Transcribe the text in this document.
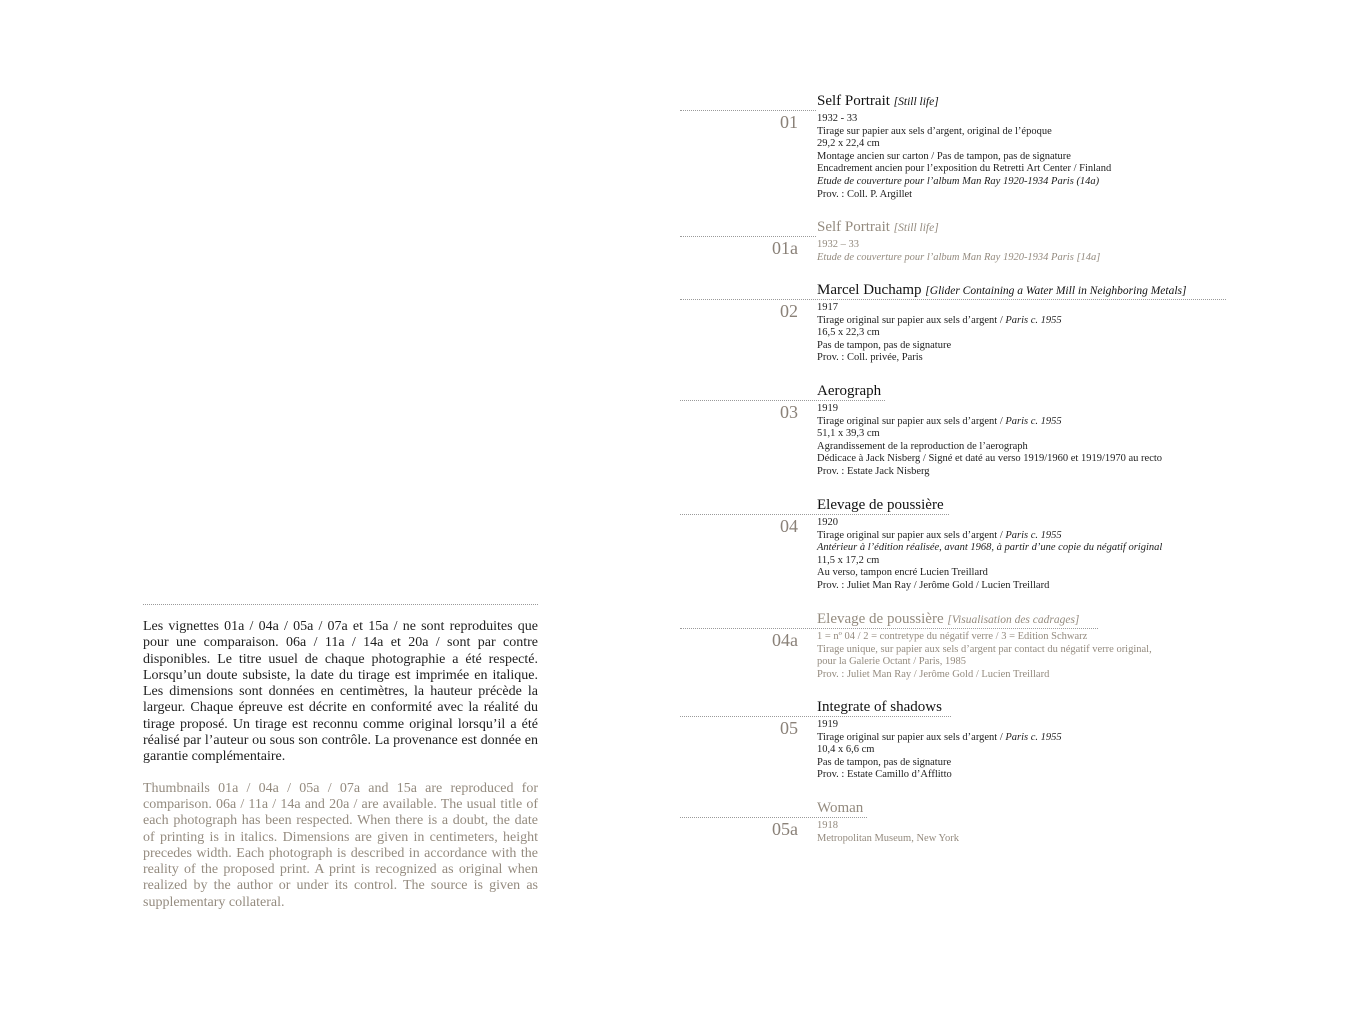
Les vignettes 01a / 04a / 05a / 07a et 15a / ne sont reproduites que pour une comparaison. 06a / 11a / 14a et 20a / sont par contre disponibles. Le titre usuel de chaque photographie a été respecté. Lorsqu’un doute subsiste, la date du tirage est imprimée en italique. Les dimensions sont données en centimètres, la hauteur précède la largeur. Chaque épreuve est décrite en conformité avec la réalité du tirage proposé. Un tirage est reconnu comme original lorsqu’il a été réalisé par l’auteur ou sous son contrôle. La provenance est donnée en garantie complémentaire.

Thumbnails 01a / 04a / 05a / 07a and 15a are reproduced for comparison. 06a / 11a / 14a and 20a / are available. The usual title of each photograph has been respected. When there is a doubt, the date of printing is in italics. Dimensions are given in centimeters, height precedes width. Each photograph is described in accordance with the reality of the proposed print. A print is recognized as original when realized by the author or under its control. The source is given as supplementary collateral.

01
Self Portrait [Still life]
1932 - 33
Tirage sur papier aux sels d’argent, original de l’époque
29,2 x 22,4 cm
Montage ancien sur carton / Pas de tampon, pas de signature
Encadrement ancien pour l’exposition du Retretti Art Center / Finland
Etude de couverture pour l’album Man Ray 1920-1934 Paris (14a)
Prov. : Coll. P. Argillet
01a
Self Portrait [Still life]
1932 – 33
Etude de couverture pour l’album Man Ray 1920-1934 Paris [14a]
02
Marcel Duchamp [Glider Containing a Water Mill in Neighboring Metals]
1917
Tirage original sur papier aux sels d’argent / Paris c. 1955
16,5 x 22,3 cm
Pas de tampon, pas de signature
Prov. : Coll. privée, Paris
03
Aerograph
1919
Tirage original sur papier aux sels d’argent / Paris c. 1955
51,1 x 39,3 cm
Agrandissement de la reproduction de l’aerograph
Dédicace à Jack Nisberg / Signé et daté au verso 1919/1960 et 1919/1970 au recto
Prov. : Estate Jack Nisberg
04
Elevage de poussière
1920
Tirage original sur papier aux sels d’argent / Paris c. 1955
Antérieur à l’édition réalisée, avant 1968, à partir d’une copie du négatif original
11,5 x 17,2 cm
Au verso, tampon encré Lucien Treillard
Prov. : Juliet Man Ray / Jerôme Gold / Lucien Treillard
04a
Elevage de poussière [Visualisation des cadrages]
1 = nº 04 / 2 = contretype du négatif verre / 3 = Edition Schwarz
Tirage unique, sur papier aux sels d’argent par contact du négatif verre original,
pour la Galerie Octant / Paris, 1985
Prov. : Juliet Man Ray / Jerôme Gold / Lucien Treillard
05
Integrate of shadows
1919
Tirage original sur papier aux sels d’argent / Paris c. 1955
10,4 x 6,6 cm
Pas de tampon, pas de signature
Prov. : Estate Camillo d’Afflitto
05a
Woman
1918
Metropolitan Museum, New York
